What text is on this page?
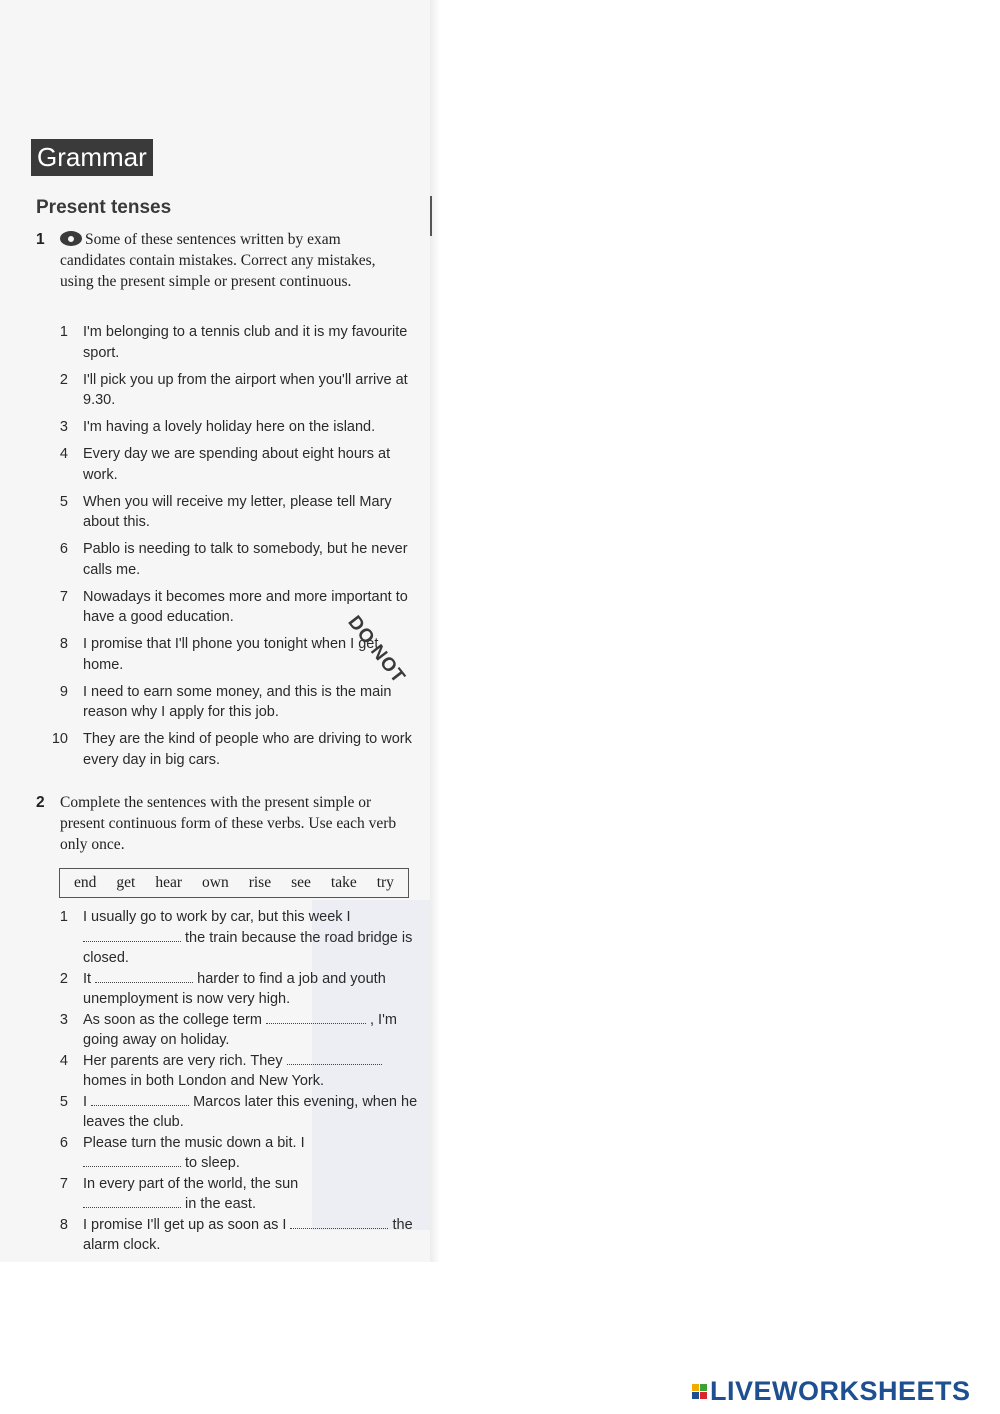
Grammar
Present tenses
1	Some of these sentences written by exam candidates contain mistakes. Correct any mistakes, using the present simple or present continuous.
1 I'm belonging to a tennis club and it is my favourite sport.
2 I'll pick you up from the airport when you'll arrive at 9.30.
3 I'm having a lovely holiday here on the island.
4 Every day we are spending about eight hours at work.
5 When you will receive my letter, please tell Mary about this.
6 Pablo is needing to talk to somebody, but he never calls me.
7 Nowadays it becomes more and more important to have a good education.
8 I promise that I'll phone you tonight when I get home.
9 I need to earn some money, and this is the main reason why I apply for this job.
10 They are the kind of people who are driving to work every day in big cars.
DO NOT
2 Complete the sentences with the present simple or present continuous form of these verbs. Use each verb only once.
end get hear own rise see take try
1 I usually go to work by car, but this week I
the train because the road bridge is closed.
2 It	harder to find a job and youth unemployment is now very high.
3 As soon as the college term	, I'm going away on holiday.
4 Her parents are very rich. They  homes in both London and New York.
5 I	Marcos later this evening, when he leaves the club.
6 Please turn the music down a bit. I
to sleep.
7 In every part of the world, the sun
in the east.
8 I promise I'll get up as soon as I	the alarm clock.
LIVEWORKSHEETS
